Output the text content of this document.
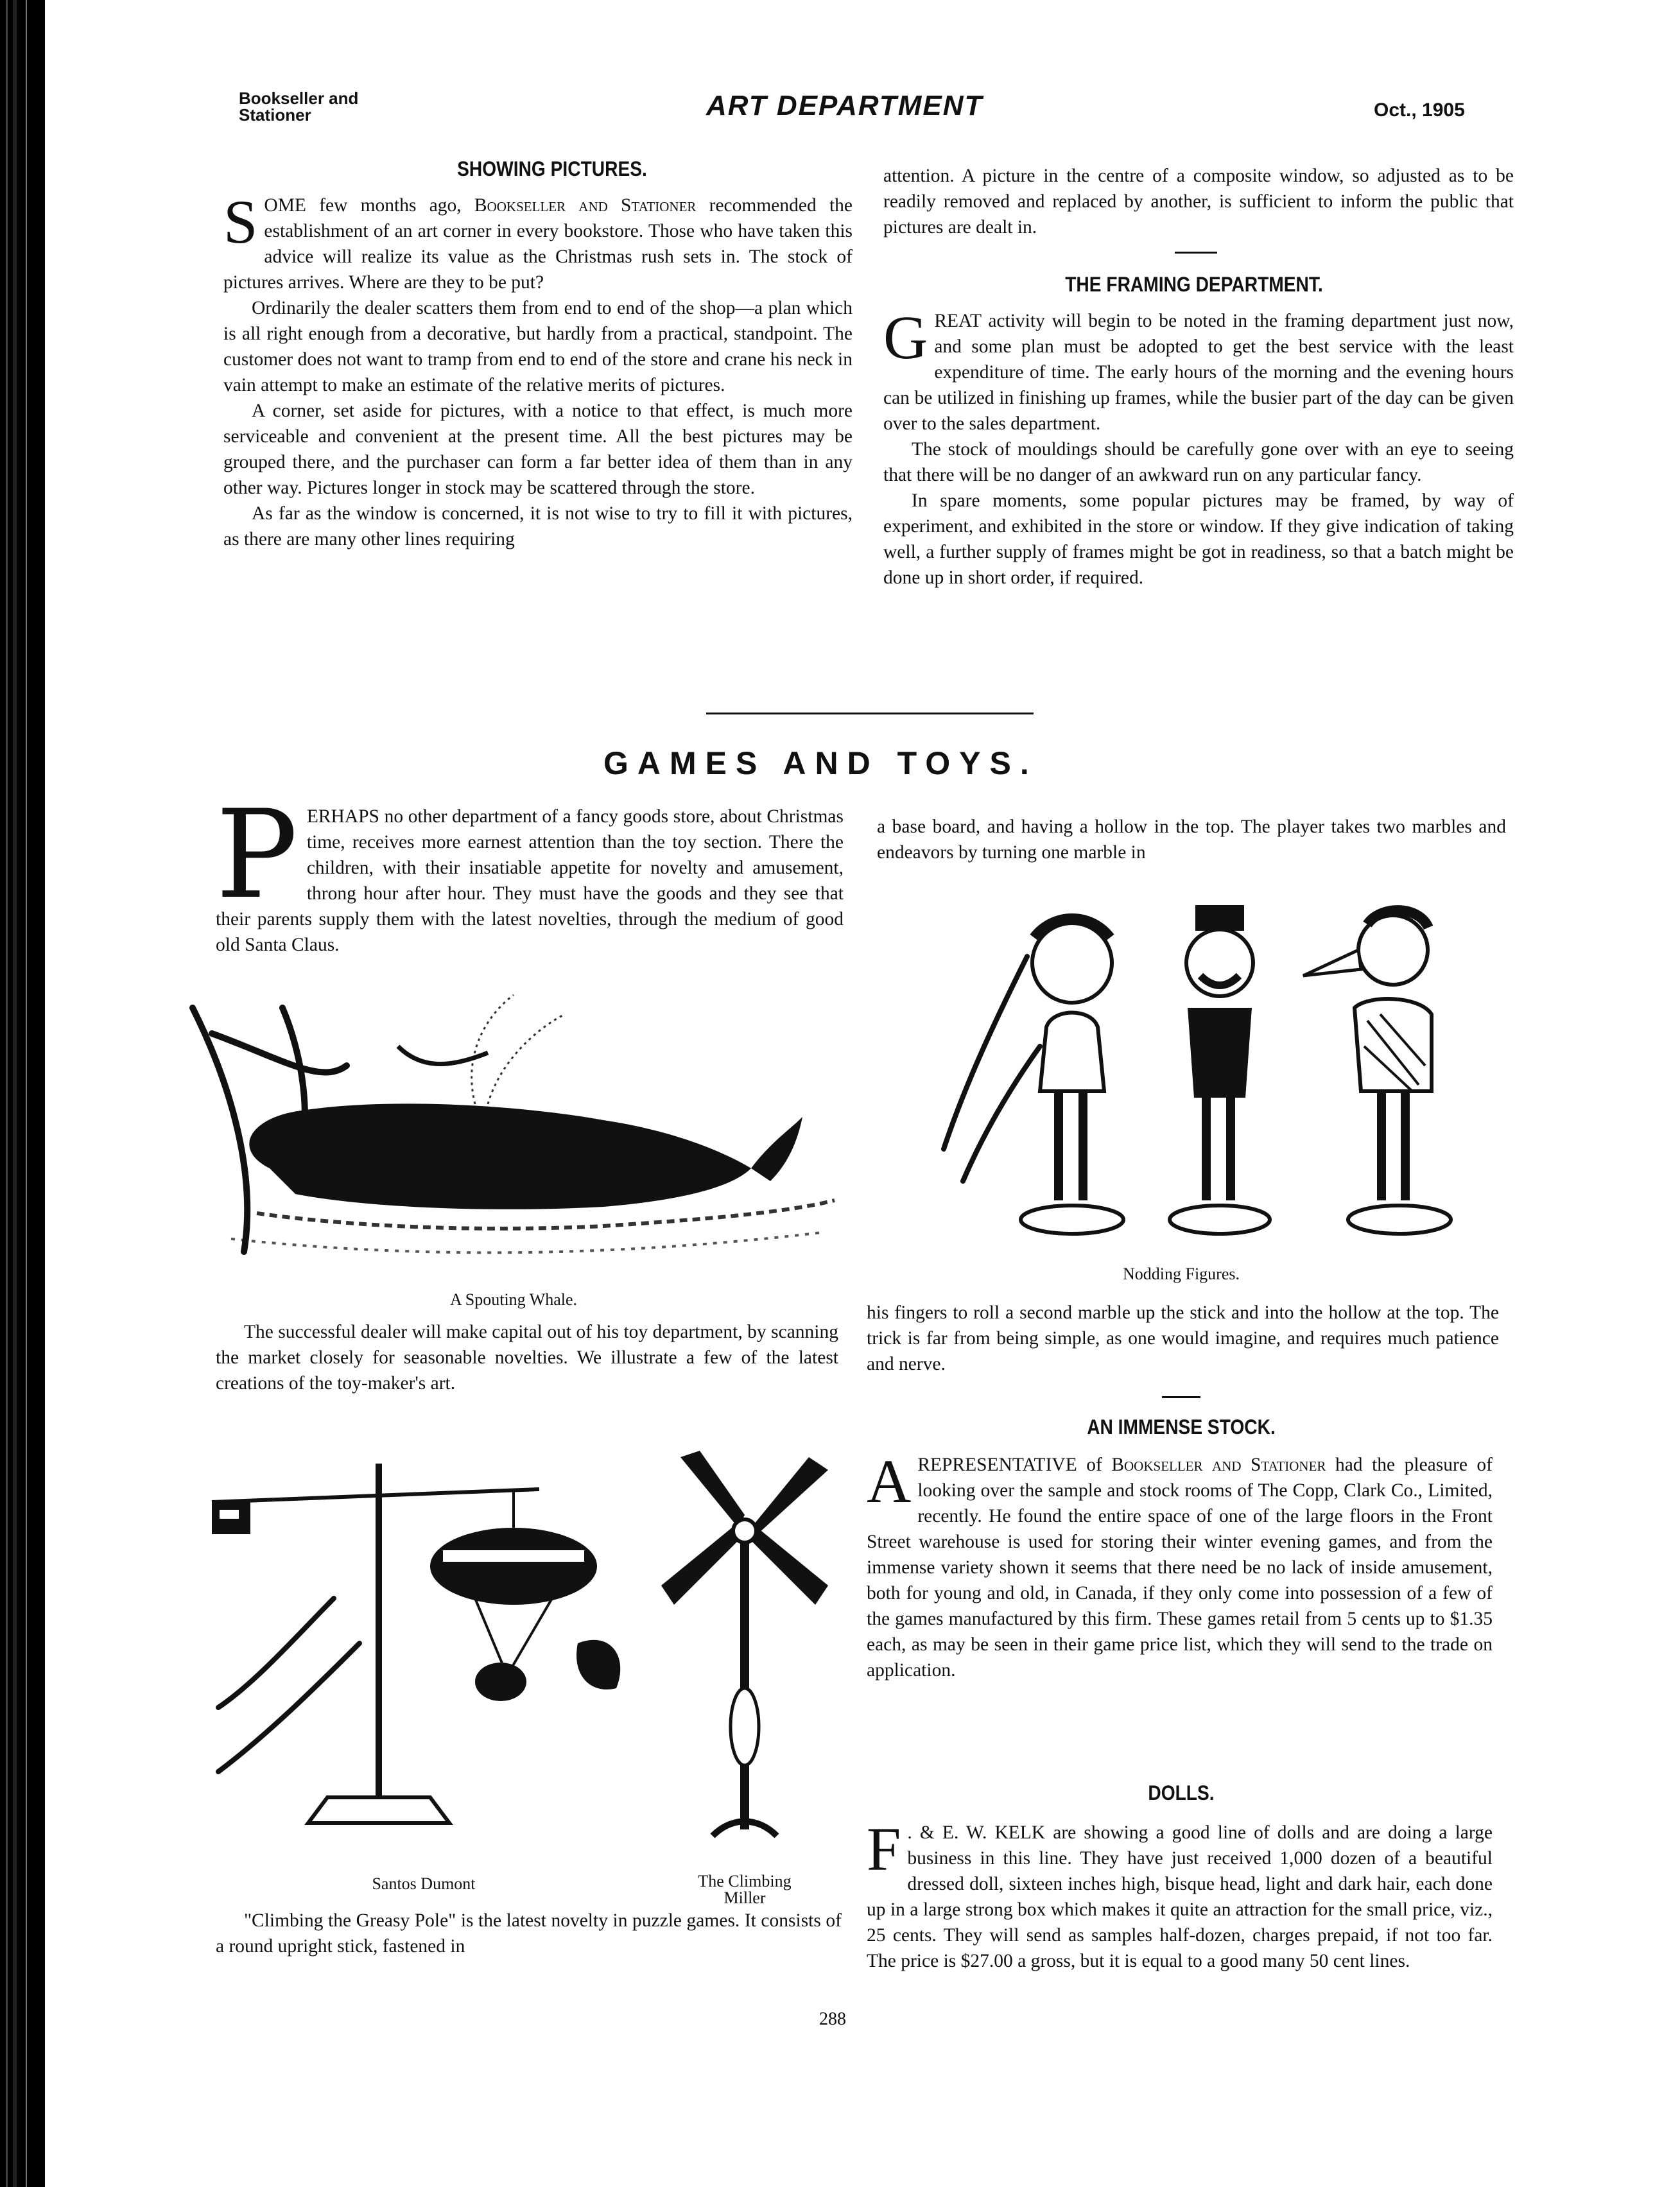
Bookseller and
Stationer	ART DEPARTMENT	Oct., 1905
SHOWING PICTURES.

SOME few months ago, Bookseller and Stationer recommended the establishment of an art corner in every bookstore. Those who have taken this advice will realize its value as the Christmas rush sets in. The stock of pictures arrives. Where are they to be put?

Ordinarily the dealer scatters them from end to end of the shop—a plan which is all right enough from a decorative, but hardly from a practical, standpoint. The customer does not want to tramp from end to end of the store and crane his neck in vain attempt to make an estimate of the relative merits of pictures.

A corner, set aside for pictures, with a notice to that effect, is much more serviceable and convenient at the present time. All the best pictures may be grouped there, and the purchaser can form a far better idea of them than in any other way. Pictures longer in stock may be scattered through the store.

As far as the window is concerned, it is not wise to try to fill it with pictures, as there are many other lines requiring

attention. A picture in the centre of a composite window, so adjusted as to be readily removed and replaced by another, is sufficient to inform the public that pictures are dealt in.

THE FRAMING DEPARTMENT.

GREAT activity will begin to be noted in the framing department just now, and some plan must be adopted to get the best service with the least expenditure of time. The early hours of the morning and the evening hours can be utilized in finishing up frames, while the busier part of the day can be given over to the sales department.

The stock of mouldings should be carefully gone over with an eye to seeing that there will be no danger of an awkward run on any particular fancy.

In spare moments, some popular pictures may be framed, by way of experiment, and exhibited in the store or window. If they give indication of taking well, a further supply of frames might be got in readiness, so that a batch might be done up in short order, if required.

GAMES AND TOYS.

PERHAPS no other department of a fancy goods store, about Christmas time, receives more earnest attention than the toy section. There the children, with their insatiable appetite for novelty and amusement, throng hour after hour. They must have the goods and they see that their parents supply them with the latest novelties, through the medium of good old Santa Claus.

A Spouting Whale.

The successful dealer will make capital out of his toy department, by scanning the market closely for seasonable novelties. We illustrate a few of the latest creations of the toy-maker's art.

Nodding Figures.

his fingers to roll a second marble up the stick and into the hollow at the top. The trick is far from being simple, as one would imagine, and requires much patience and nerve.

Santos Dumont	The Climbing
Miller

"Climbing the Greasy Pole" is the latest novelty in puzzle games. It consists of a round upright stick, fastened in

a base board, and having a hollow in the top. The player takes two marbles and endeavors by turning one marble in

AN IMMENSE STOCK.

A REPRESENTATIVE of Bookseller and Stationer had the pleasure of looking over the sample and stock rooms of The Copp, Clark Co., Limited, recently. He found the entire space of one of the large floors in the Front Street warehouse is used for storing their winter evening games, and from the immense variety shown it seems that there need be no lack of inside amusement, both for young and old, in Canada, if they only come into possession of a few of the games manufactured by this firm. These games retail from 5 cents up to $1.35 each, as may be seen in their game price list, which they will send to the trade on application.

DOLLS.

F . & E. W. KELK are showing a good line of dolls and are doing a large business in this line. They have just received 1,000 dozen of a beautiful dressed doll, sixteen inches high, bisque head, light and dark hair, each done up in a large strong box which makes it quite an attraction for the small price, viz., 25 cents. They will send as samples half-dozen, charges prepaid, if not too far. The price is $27.00 a gross, but it is equal to a good many 50 cent lines.

288
